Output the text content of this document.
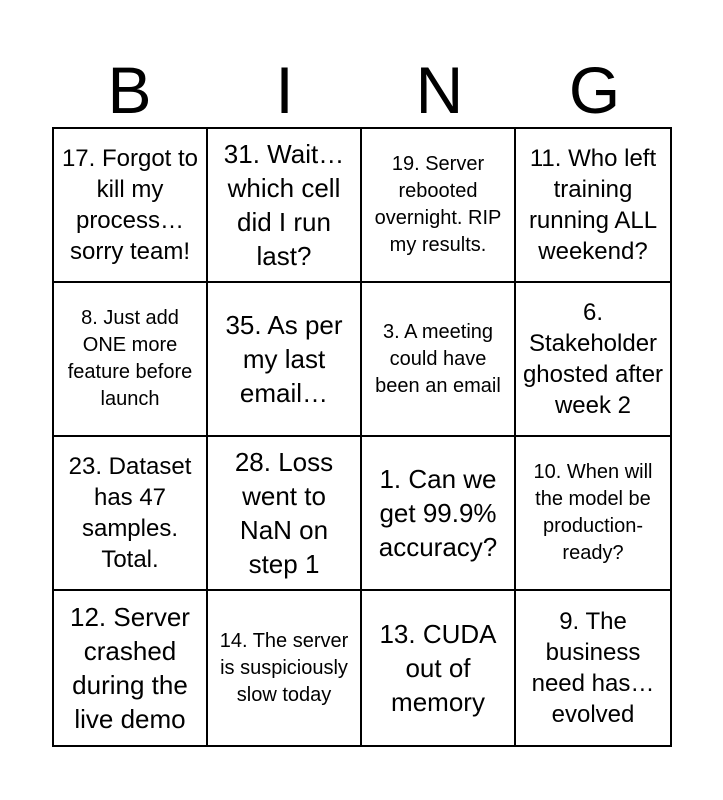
B	I	N	G
17. Forgot to kill my process… sorry team!
31. Wait… which cell did I run last?
19. Server rebooted overnight. RIP my results.
11. Who left training running ALL weekend?
8. Just add ONE more feature before launch
35. As per my last email…
3. A meeting could have been an email
6. Stakeholder ghosted after week 2
23. Dataset has 47 samples. Total.
28. Loss went to NaN on step 1
1. Can we get 99.9% accuracy?
10. When will the model be production-ready?
12. Server crashed during the live demo
14. The server is suspiciously slow today
13. CUDA out of memory
9. The business need has… evolved
